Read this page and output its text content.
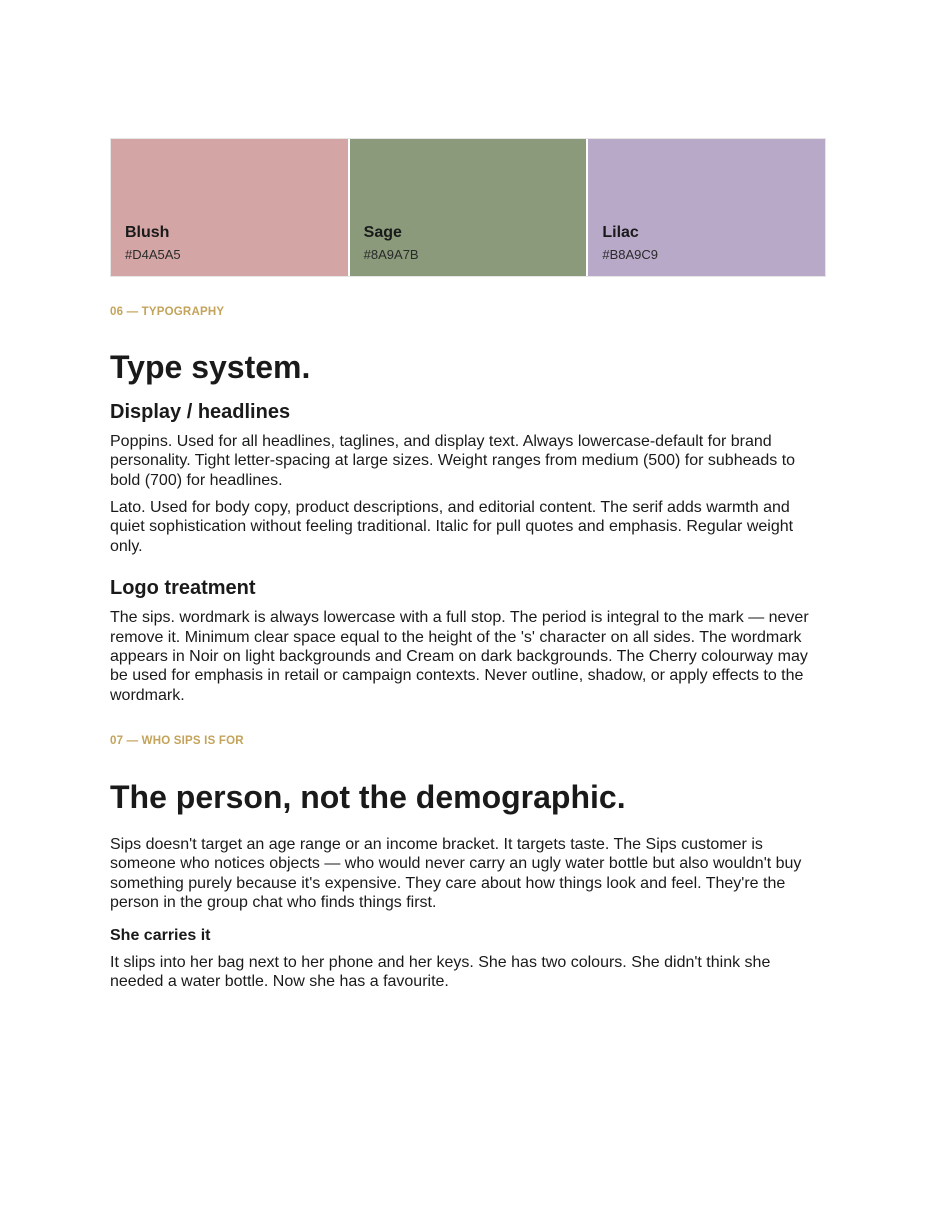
Blush

#D4A5A5

Sage

#8A9A7B

Lilac

#B8A9C9

06 — TYPOGRAPHY

Type system.
Display / headlines

Poppins. Used for all headlines, taglines, and display text. Always lowercase-default for brand personality. Tight letter-spacing at large sizes. Weight ranges from medium (500) for subheads to bold (700) for headlines.

Lato. Used for body copy, product descriptions, and editorial content. The serif adds warmth and quiet sophistication without feeling traditional. Italic for pull quotes and emphasis. Regular weight only.

Logo treatment

The sips. wordmark is always lowercase with a full stop. The period is integral to the mark — never remove it. Minimum clear space equal to the height of the 's' character on all sides. The wordmark appears in Noir on light backgrounds and Cream on dark backgrounds. The Cherry colourway may be used for emphasis in retail or campaign contexts. Never outline, shadow, or apply effects to the wordmark.

07 — WHO SIPS IS FOR

The person, not the demographic.

Sips doesn't target an age range or an income bracket. It targets taste. The Sips customer is someone who notices objects — who would never carry an ugly water bottle but also wouldn't buy something purely because it's expensive. They care about how things look and feel. They're the person in the group chat who finds things first.

She carries it

It slips into her bag next to her phone and her keys. She has two colours. She didn't think she needed a water bottle. Now she has a favourite.
